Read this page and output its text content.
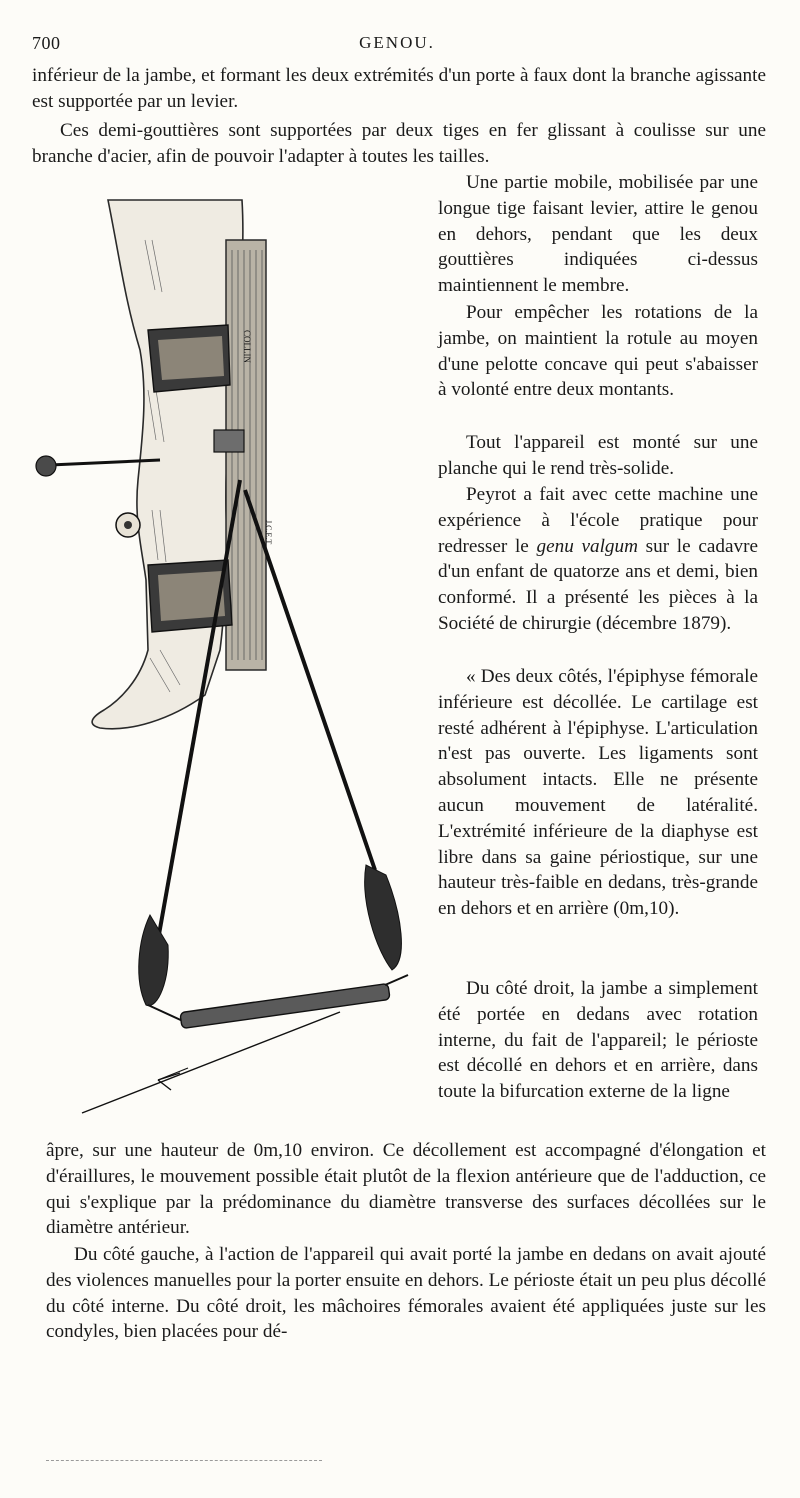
700	GENOU.

inférieur de la jambe, et formant les deux extrémités d'un porte à faux dont la branche agissante est supportée par un levier.

Ces demi-gouttières sont supportées par deux tiges en fer glissant à coulisse sur une branche d'acier, afin de pouvoir l'adapter à toutes les tailles.

COLLIN
J.C.E.T

Une partie mobile, mobilisée par une longue tige faisant levier, attire le genou en dehors, pendant que les deux gouttières indiquées ci-dessus maintiennent le membre.

Pour empêcher les rotations de la jambe, on maintient la rotule au moyen d'une pelotte concave qui peut s'abaisser à volonté entre deux montants.

Tout l'appareil est monté sur une planche qui le rend très-solide.

Peyrot a fait avec cette machine une expérience à l'école pratique pour redresser le genu valgum sur le cadavre d'un enfant de quatorze ans et demi, bien conformé. Il a présenté les pièces à la Société de chirurgie (décembre 1879).

« Des deux côtés, l'épiphyse fémorale inférieure est décollée. Le cartilage est resté adhérent à l'épiphyse. L'articulation n'est pas ouverte. Les ligaments sont absolument intacts. Elle ne présente aucun mouvement de latéralité. L'extrémité inférieure de la diaphyse est libre dans sa gaine périostique, sur une hauteur très-faible en dedans, très-grande en dehors et en arrière (0m,10).

Du côté droit, la jambe a simplement été portée en dedans avec rotation interne, du fait de l'appareil; le périoste est décollé en dehors et en arrière, dans toute la bifurcation externe de la ligne

âpre, sur une hauteur de 0m,10 environ. Ce décollement est accompagné d'élongation et d'éraillures, le mouvement possible était plutôt de la flexion antérieure que de l'adduction, ce qui s'explique par la prédominance du diamètre transverse des surfaces décollées sur le diamètre antérieur.

Du côté gauche, à l'action de l'appareil qui avait porté la jambe en dedans on avait ajouté des violences manuelles pour la porter ensuite en dehors. Le périoste était un peu plus décollé du côté interne. Du côté droit, les mâchoires fémorales avaient été appliquées juste sur les condyles, bien placées pour dé-
